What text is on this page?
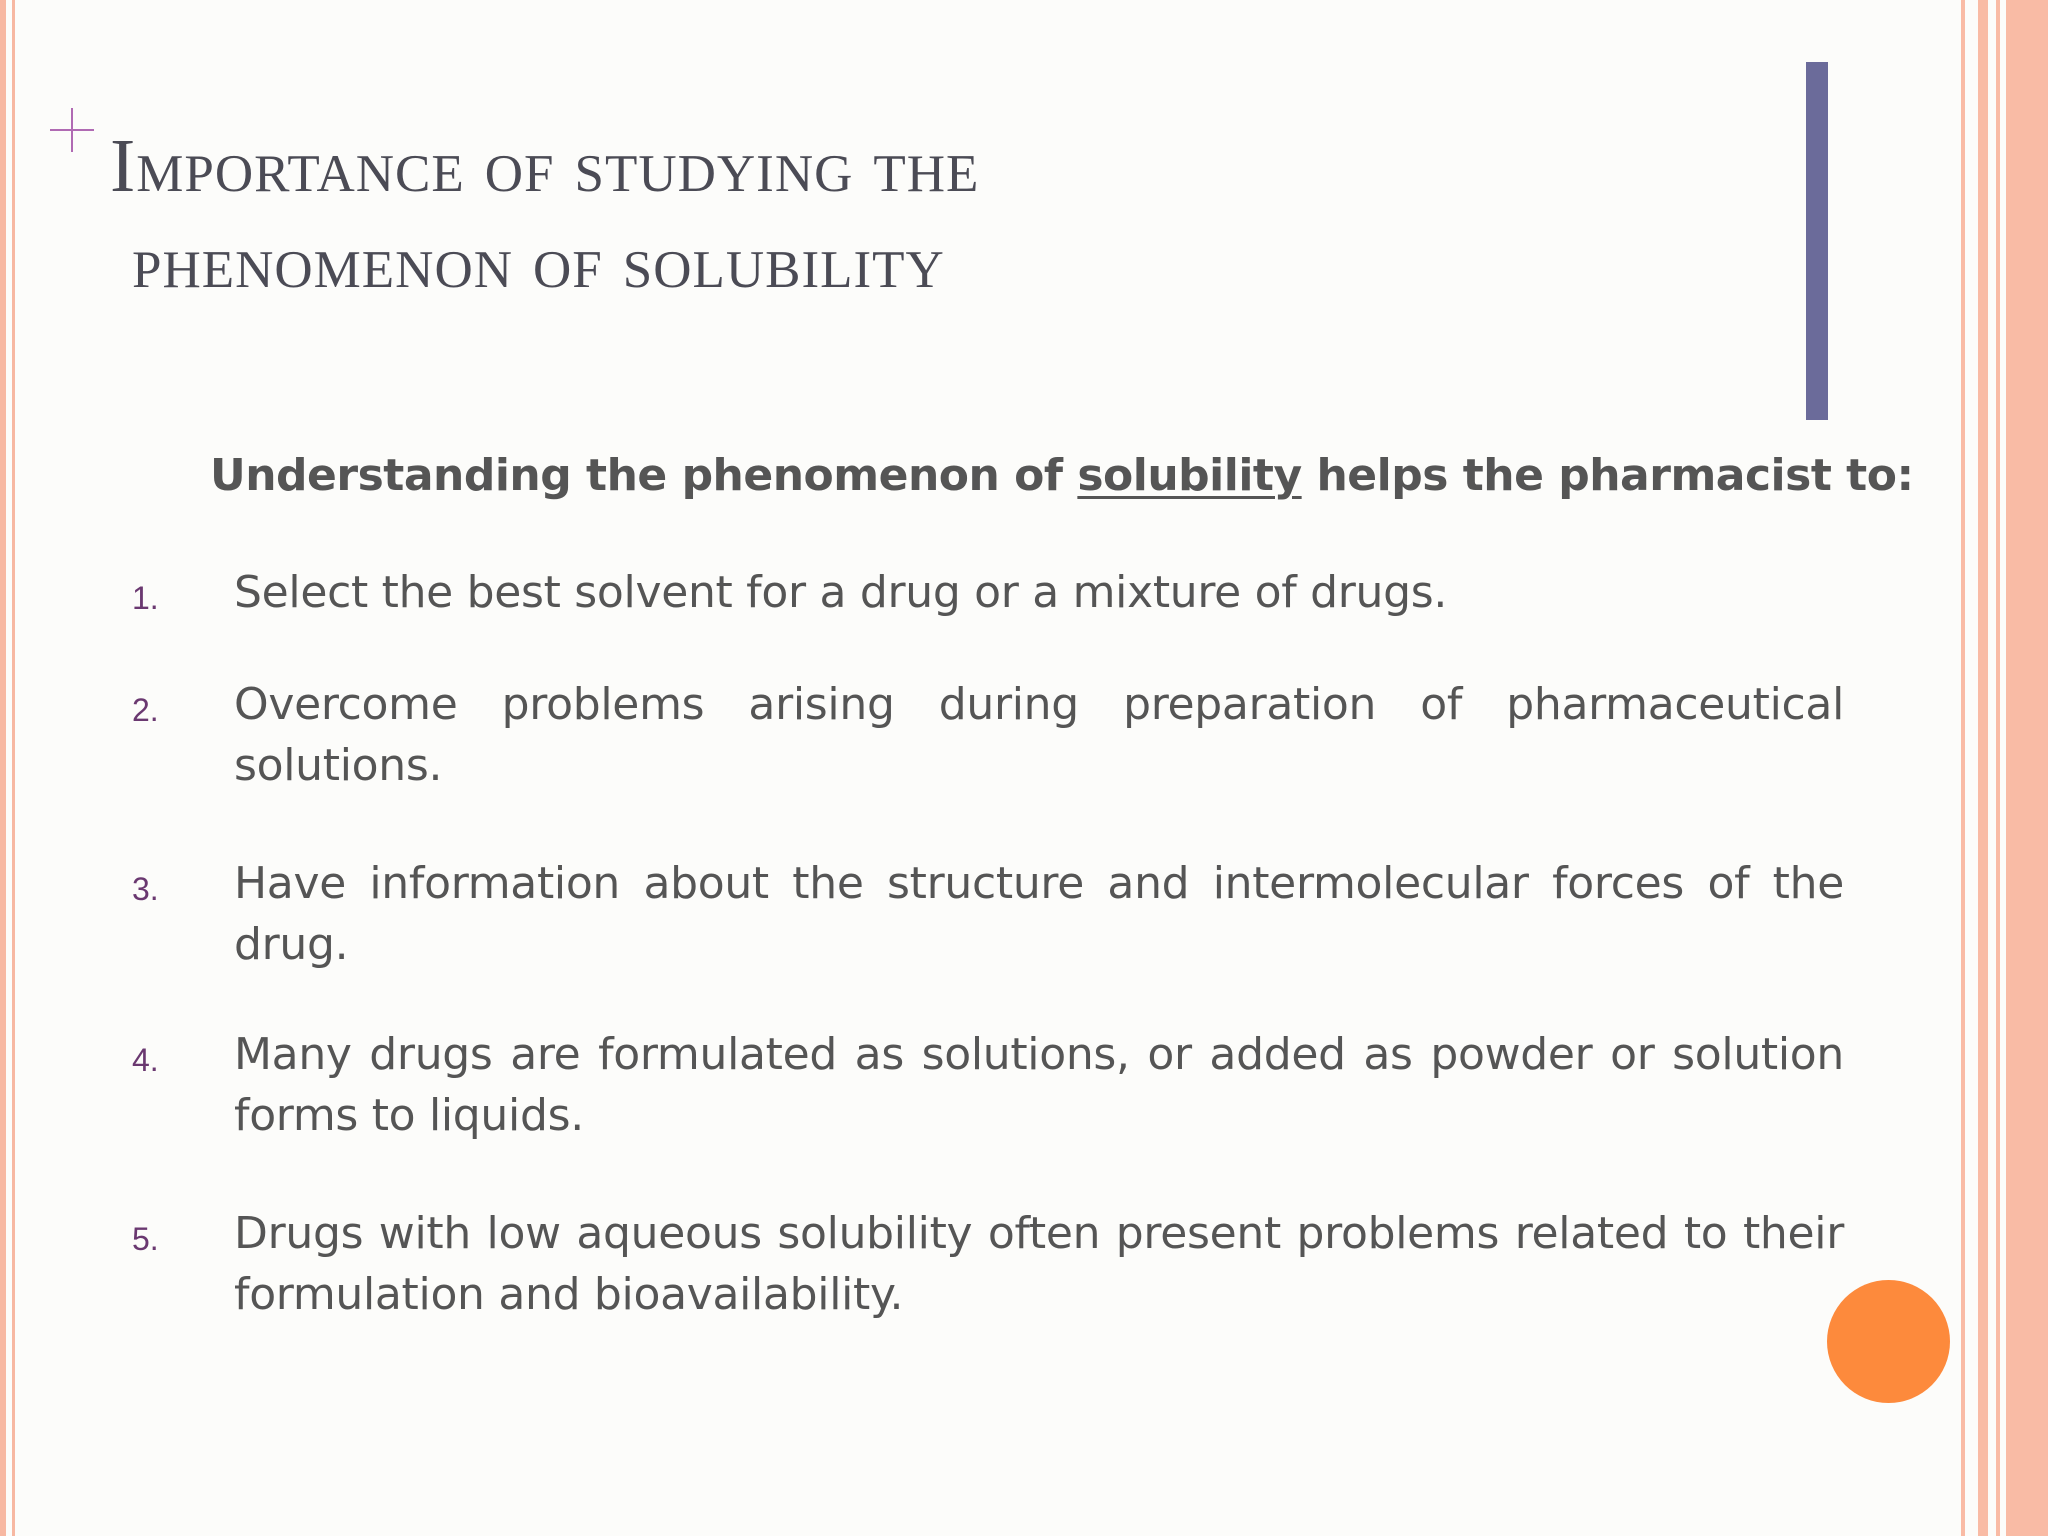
Importance of studying the
phenomenon of solubility

Understanding the phenomenon of solubility helps the pharmacist to:

1. Select the best solvent for a drug or a mixture of drugs.
2. Overcome problems arising during preparation of pharmaceutical solutions.
3. Have information about the structure and intermolecular forces of the drug.
4. Many drugs are formulated as solutions, or added as powder or solution forms to liquids.
5. Drugs with low aqueous solubility often present problems related to their formulation and bioavailability.
